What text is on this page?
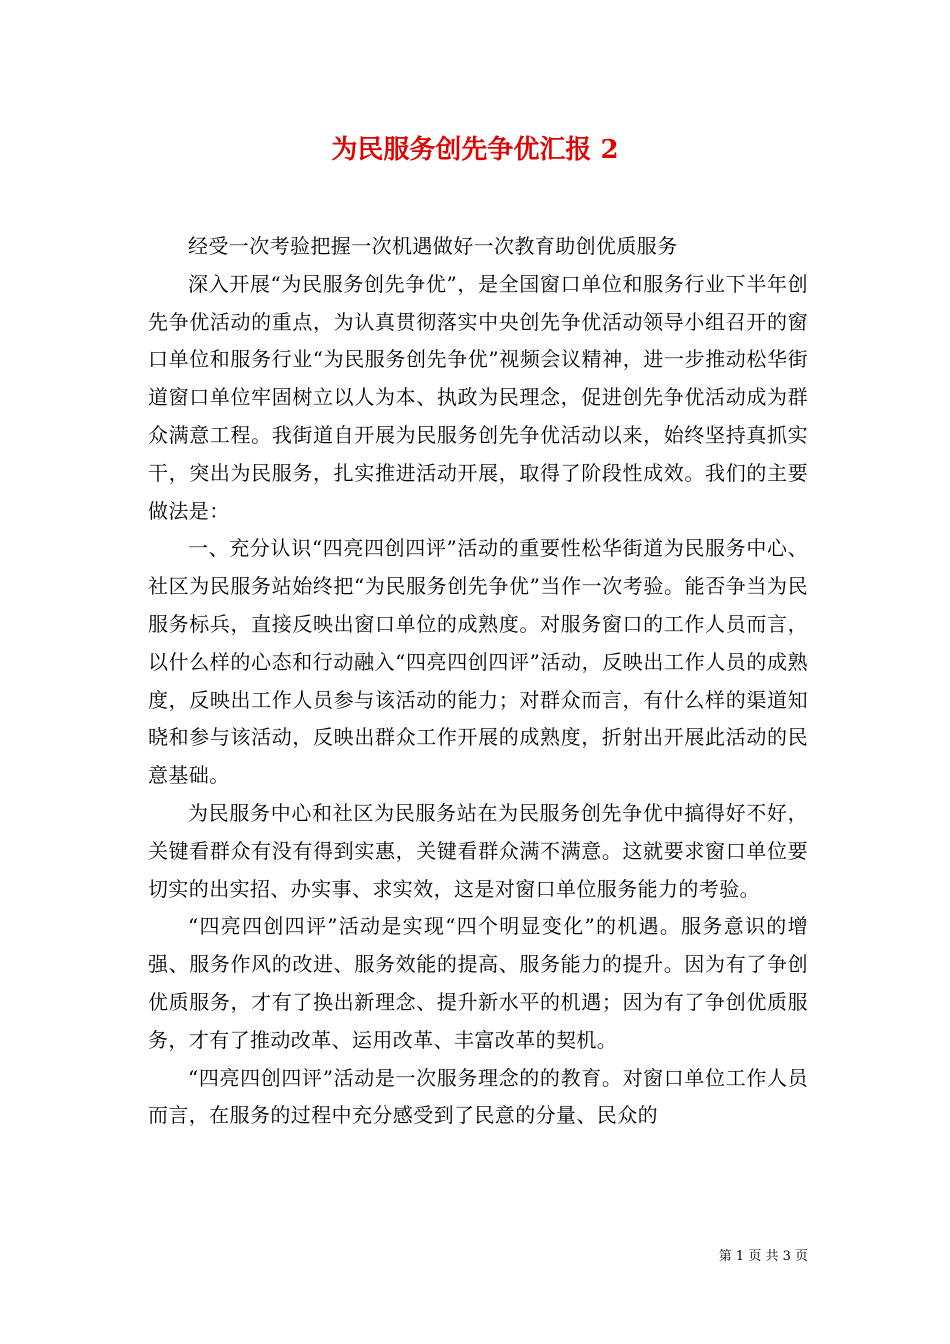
为民服务创先争优汇报 2

经受一次考验把握一次机遇做好一次教育助创优质服务

深入开展“为民服务创先争优”，是全国窗口单位和服务行业下半年创先争优活动的重点，为认真贯彻落实中央创先争优活动领导小组召开的窗口单位和服务行业“为民服务创先争优”视频会议精神，进一步推动松华街道窗口单位牢固树立以人为本、执政为民理念，促进创先争优活动成为群众满意工程。我街道自开展为民服务创先争优活动以来，始终坚持真抓实干，突出为民服务，扎实推进活动开展，取得了阶段性成效。我们的主要做法是：

一、充分认识“四亮四创四评”活动的重要性松华街道为民服务中心、社区为民服务站始终把“为民服务创先争优”当作一次考验。能否争当为民服务标兵，直接反映出窗口单位的成熟度。对服务窗口的工作人员而言，以什么样的心态和行动融入“四亮四创四评”活动，反映出工作人员的成熟度，反映出工作人员参与该活动的能力；对群众而言，有什么样的渠道知晓和参与该活动，反映出群众工作开展的成熟度，折射出开展此活动的民意基础。

为民服务中心和社区为民服务站在为民服务创先争优中搞得好不好，关键看群众有没有得到实惠，关键看群众满不满意。这就要求窗口单位要切实的出实招、办实事、求实效，这是对窗口单位服务能力的考验。

“四亮四创四评”活动是实现“四个明显变化”的机遇。服务意识的增强、服务作风的改进、服务效能的提高、服务能力的提升。因为有了争创优质服务，才有了换出新理念、提升新水平的机遇；因为有了争创优质服务，才有了推动改革、运用改革、丰富改革的契机。

“四亮四创四评”活动是一次服务理念的的教育。对窗口单位工作人员而言，在服务的过程中充分感受到了民意的分量、民众的

第 1 页 共 3 页
